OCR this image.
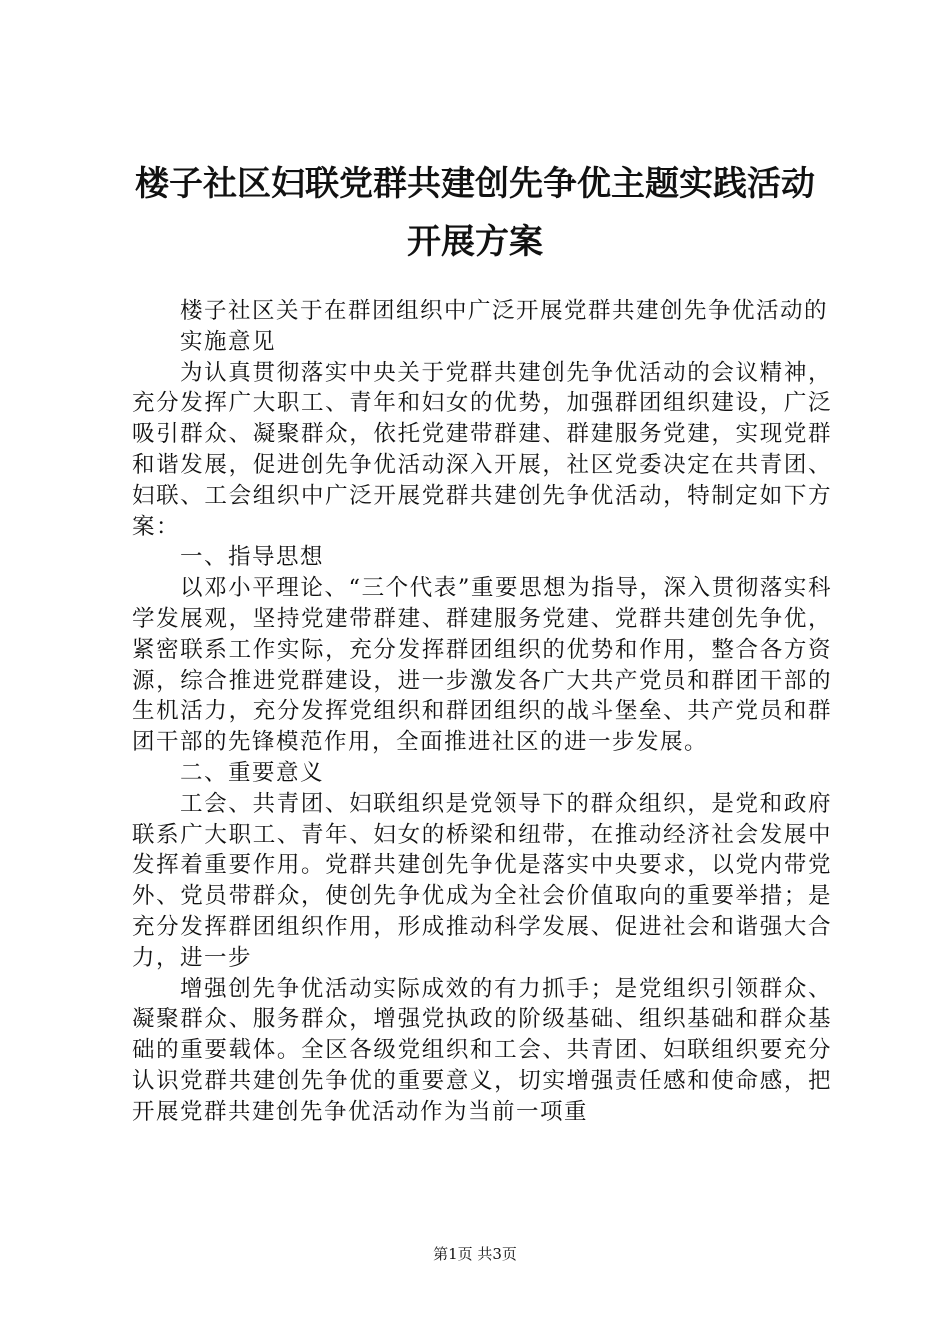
楼子社区妇联党群共建创先争优主题实践活动
开展方案

楼子社区关于在群团组织中广泛开展党群共建创先争优活动的

实施意见

为认真贯彻落实中央关于党群共建创先争优活动的会议精神，充分发挥广大职工、青年和妇女的优势，加强群团组织建设，广泛吸引群众、凝聚群众，依托党建带群建、群建服务党建，实现党群和谐发展，促进创先争优活动深入开展，社区党委决定在共青团、妇联、工会组织中广泛开展党群共建创先争优活动，特制定如下方案：

一、指导思想

以邓小平理论、“三个代表”重要思想为指导，深入贯彻落实科学发展观，坚持党建带群建、群建服务党建、党群共建创先争优，紧密联系工作实际，充分发挥群团组织的优势和作用，整合各方资源，综合推进党群建设，进一步激发各广大共产党员和群团干部的生机活力，充分发挥党组织和群团组织的战斗堡垒、共产党员和群团干部的先锋模范作用，全面推进社区的进一步发展。

二、重要意义

工会、共青团、妇联组织是党领导下的群众组织，是党和政府联系广大职工、青年、妇女的桥梁和纽带，在推动经济社会发展中发挥着重要作用。党群共建创先争优是落实中央要求，以党内带党外、党员带群众，使创先争优成为全社会价值取向的重要举措；是充分发挥群团组织作用，形成推动科学发展、促进社会和谐强大合力，进一步

增强创先争优活动实际成效的有力抓手；是党组织引领群众、凝聚群众、服务群众，增强党执政的阶级基础、组织基础和群众基础的重要载体。全区各级党组织和工会、共青团、妇联组织要充分认识党群共建创先争优的重要意义，切实增强责任感和使命感，把开展党群共建创先争优活动作为当前一项重

第1页 共3页
